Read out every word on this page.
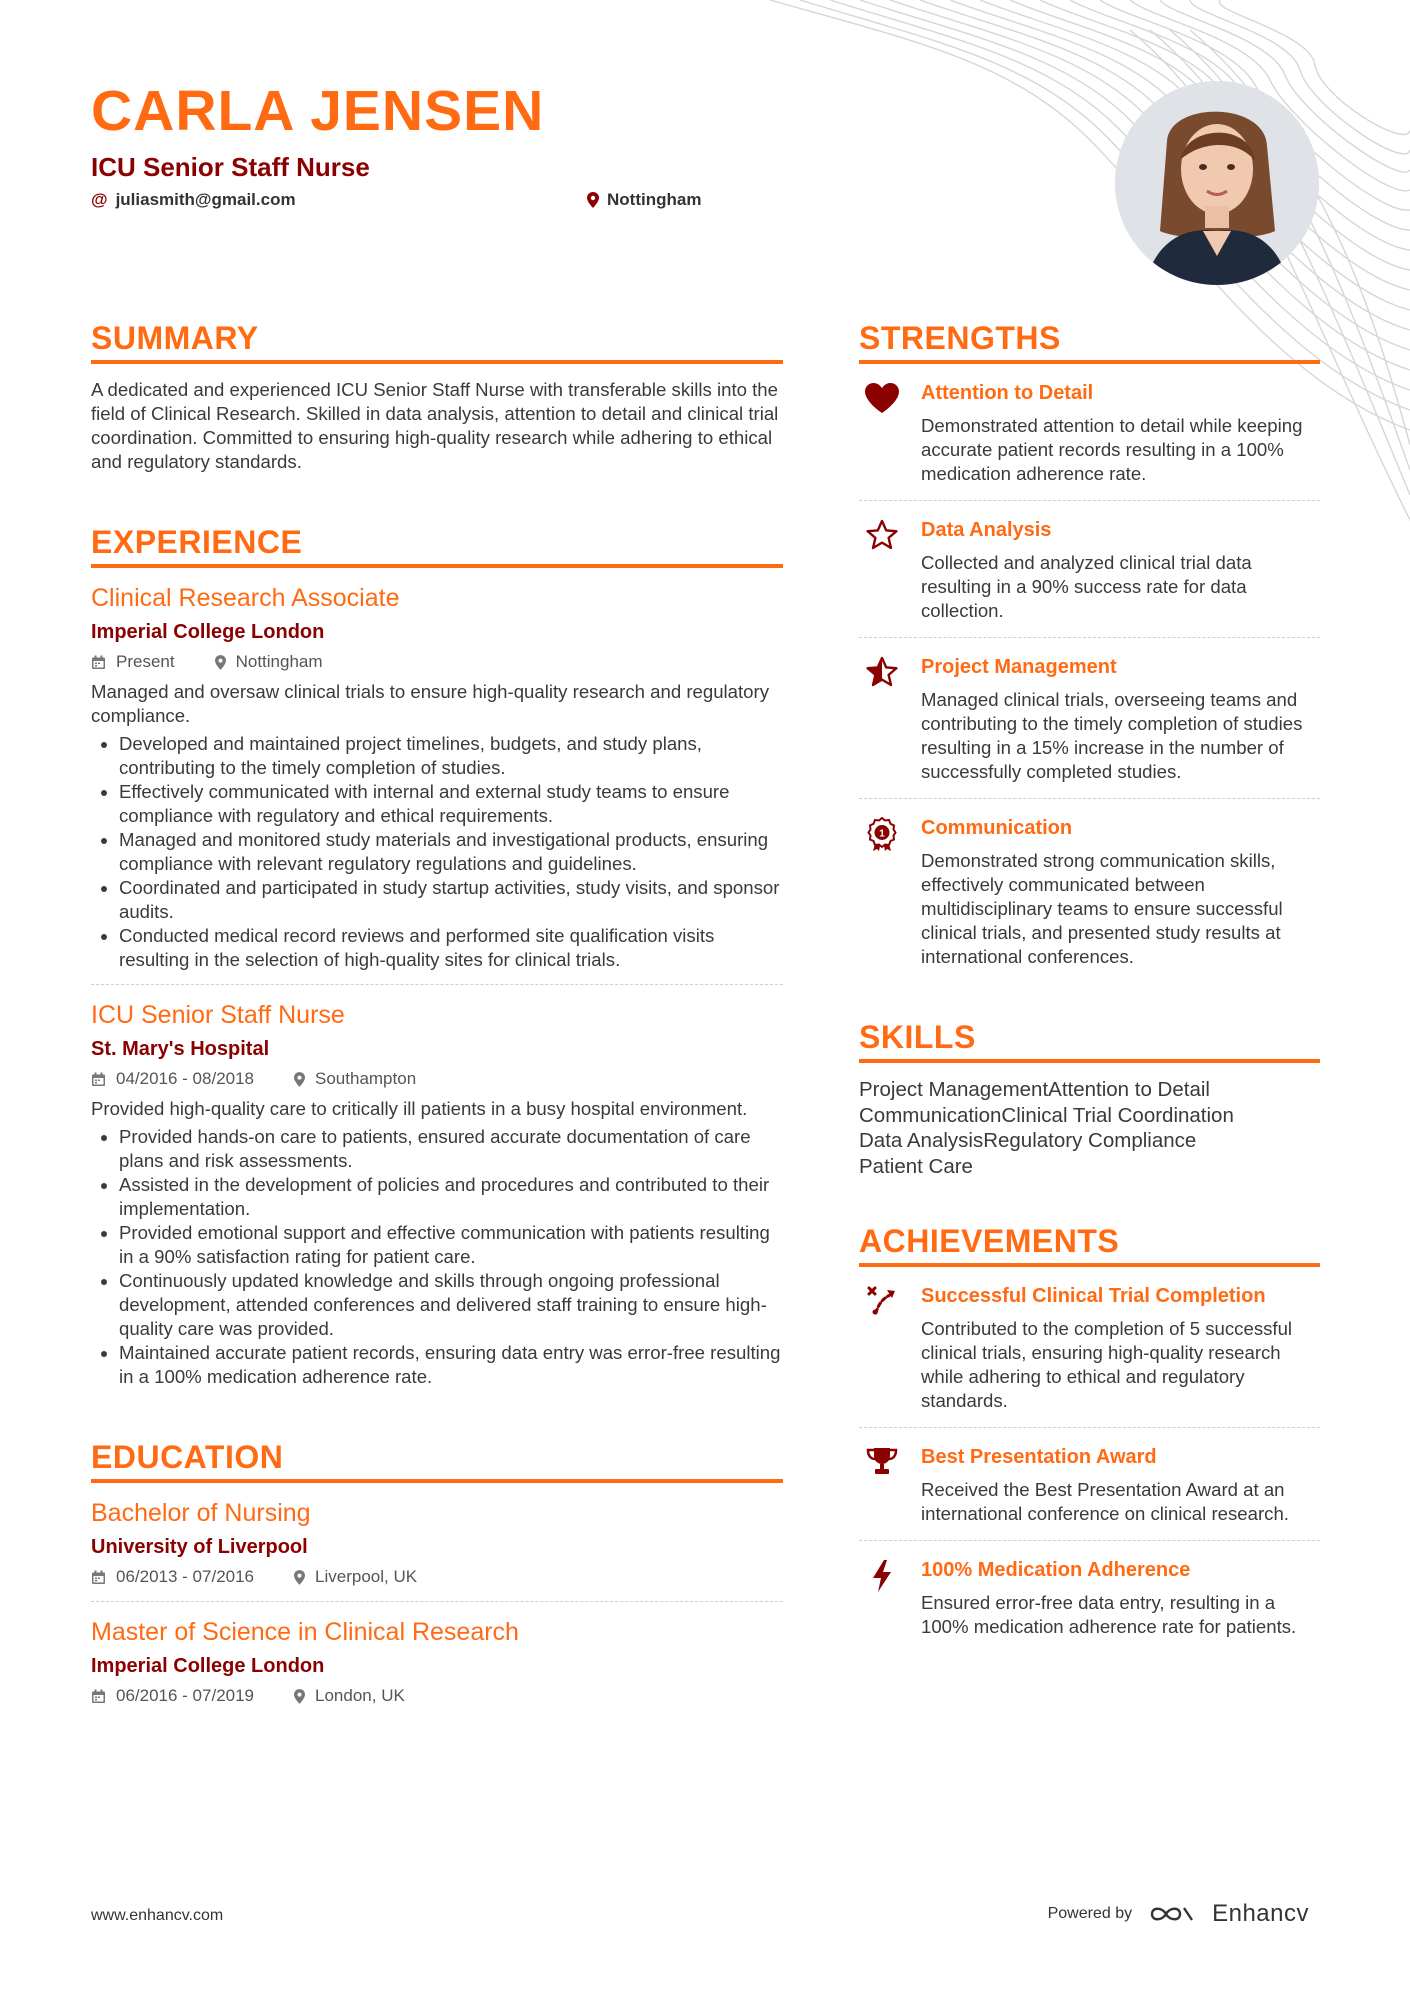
CARLA JENSEN
ICU Senior Staff Nurse
@ juliasmith@gmail.com	Nottingham
SUMMARY
A dedicated and experienced ICU Senior Staff Nurse with transferable skills into the field of Clinical Research. Skilled in data analysis, attention to detail and clinical trial coordination. Committed to ensuring high-quality research while adhering to ethical and regulatory standards.
EXPERIENCE
Clinical Research Associate
Imperial College London
Present	Nottingham
Managed and oversaw clinical trials to ensure high-quality research and regulatory compliance.
• Developed and maintained project timelines, budgets, and study plans, contributing to the timely completion of studies.
• Effectively communicated with internal and external study teams to ensure compliance with regulatory and ethical requirements.
• Managed and monitored study materials and investigational products, ensuring compliance with relevant regulatory regulations and guidelines.
• Coordinated and participated in study startup activities, study visits, and sponsor audits.
• Conducted medical record reviews and performed site qualification visits resulting in the selection of high-quality sites for clinical trials.
ICU Senior Staff Nurse
St. Mary's Hospital
04/2016 - 08/2018	Southampton
Provided high-quality care to critically ill patients in a busy hospital environment.
• Provided hands-on care to patients, ensured accurate documentation of care plans and risk assessments.
• Assisted in the development of policies and procedures and contributed to their implementation.
• Provided emotional support and effective communication with patients resulting in a 90% satisfaction rating for patient care.
• Continuously updated knowledge and skills through ongoing professional development, attended conferences and delivered staff training to ensure high-quality care was provided.
• Maintained accurate patient records, ensuring data entry was error-free resulting in a 100% medication adherence rate.
EDUCATION
Bachelor of Nursing
University of Liverpool
06/2013 - 07/2016	Liverpool, UK
Master of Science in Clinical Research
Imperial College London
06/2016 - 07/2019	London, UK
STRENGTHS
Attention to Detail
Demonstrated attention to detail while keeping accurate patient records resulting in a 100% medication adherence rate.
Data Analysis
Collected and analyzed clinical trial data resulting in a 90% success rate for data collection.
Project Management
Managed clinical trials, overseeing teams and contributing to the timely completion of studies resulting in a 15% increase in the number of successfully completed studies.
1 Communication
Demonstrated strong communication skills, effectively communicated between multidisciplinary teams to ensure successful clinical trials, and presented study results at international conferences.
SKILLS
Project ManagementAttention to Detail
CommunicationClinical Trial Coordination
Data AnalysisRegulatory Compliance
Patient Care
ACHIEVEMENTS
Successful Clinical Trial Completion
Contributed to the completion of 5 successful clinical trials, ensuring high-quality research while adhering to ethical and regulatory standards.
Best Presentation Award
Received the Best Presentation Award at an international conference on clinical research.
100% Medication Adherence
Ensured error-free data entry, resulting in a 100% medication adherence rate for patients.
www.enhancv.com	Powered by	Enhancv
